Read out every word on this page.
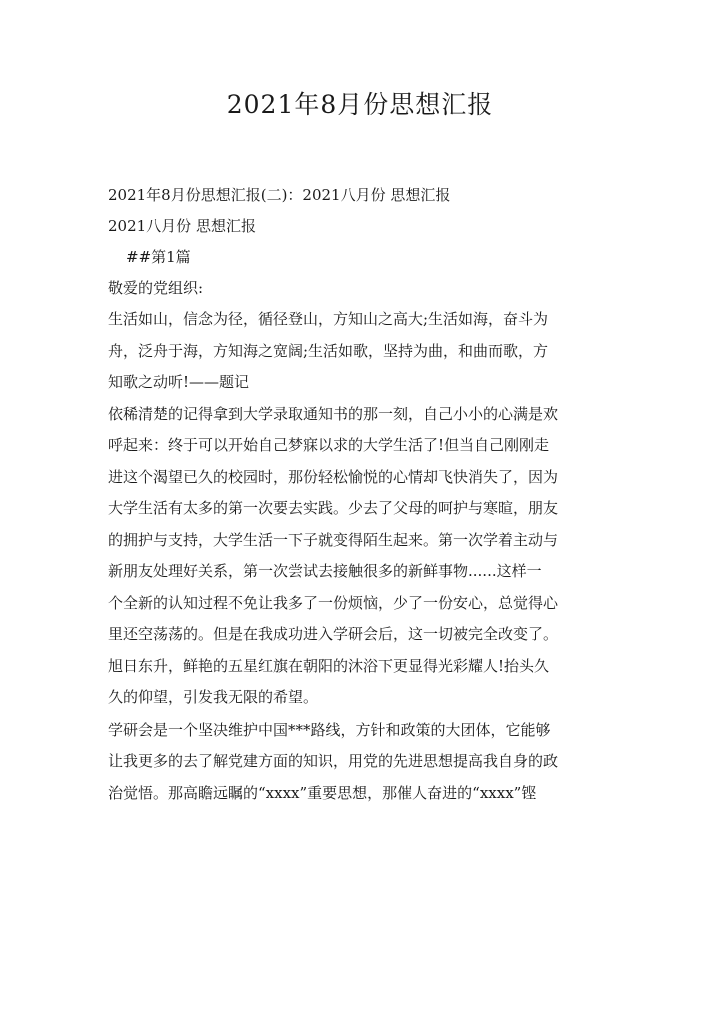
2021年8月份思想汇报

2021年8月份思想汇报(二)：2021八月份 思想汇报

2021八月份 思想汇报

##第1篇

敬爱的党组织:

生活如山，信念为径，循径登山，方知山之高大;生活如海，奋斗为

舟，泛舟于海，方知海之宽阔;生活如歌，坚持为曲，和曲而歌，方

知歌之动听!——题记

依稀清楚的记得拿到大学录取通知书的那一刻，自己小小的心满是欢

呼起来：终于可以开始自己梦寐以求的大学生活了!但当自己刚刚走

进这个渴望已久的校园时，那份轻松愉悦的心情却飞快消失了，因为

大学生活有太多的第一次要去实践。少去了父母的呵护与寒暄，朋友

的拥护与支持，大学生活一下子就变得陌生起来。第一次学着主动与

新朋友处理好关系，第一次尝试去接触很多的新鲜事物......这样一

个全新的认知过程不免让我多了一份烦恼，少了一份安心，总觉得心

里还空荡荡的。但是在我成功进入学研会后，这一切被完全改变了。

旭日东升，鲜艳的五星红旗在朝阳的沐浴下更显得光彩耀人!抬头久

久的仰望，引发我无限的希望。

学研会是一个坚决维护中国***路线，方针和政策的大团体，它能够

让我更多的去了解党建方面的知识，用党的先进思想提高我自身的政

治觉悟。那高瞻远瞩的“xxxx”重要思想，那催人奋进的“xxxx”铿
